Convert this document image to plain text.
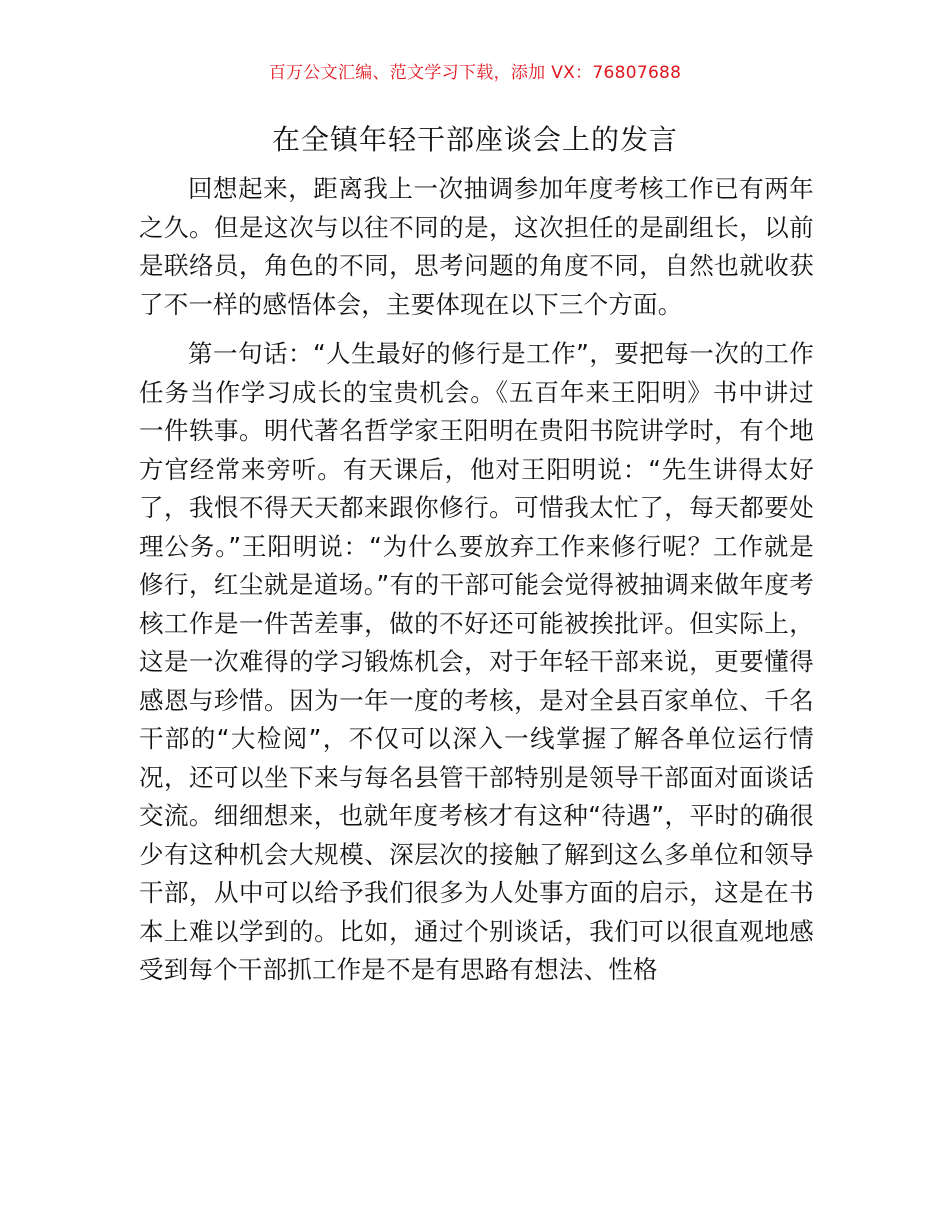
百万公文汇编、范文学习下载，添加 VX：76807688
在全镇年轻干部座谈会上的发言

回想起来，距离我上一次抽调参加年度考核工作已有两年之久。但是这次与以往不同的是，这次担任的是副组长，以前是联络员，角色的不同，思考问题的角度不同，自然也就收获了不一样的感悟体会，主要体现在以下三个方面。

第一句话：“人生最好的修行是工作”，要把每一次的工作任务当作学习成长的宝贵机会。《五百年来王阳明》书中讲过一件轶事。明代著名哲学家王阳明在贵阳书院讲学时，有个地方官经常来旁听。有天课后，他对王阳明说：“先生讲得太好了，我恨不得天天都来跟你修行。可惜我太忙了，每天都要处理公务。”王阳明说：“为什么要放弃工作来修行呢？工作就是修行，红尘就是道场。”有的干部可能会觉得被抽调来做年度考核工作是一件苦差事，做的不好还可能被挨批评。但实际上，这是一次难得的学习锻炼机会，对于年轻干部来说，更要懂得感恩与珍惜。因为一年一度的考核，是对全县百家单位、千名干部的“大检阅”，不仅可以深入一线掌握了解各单位运行情况，还可以坐下来与每名县管干部特别是领导干部面对面谈话交流。细细想来，也就年度考核才有这种“待遇”，平时的确很少有这种机会大规模、深层次的接触了解到这么多单位和领导干部，从中可以给予我们很多为人处事方面的启示，这是在书本上难以学到的。比如，通过个别谈话，我们可以很直观地感受到每个干部抓工作是不是有思路有想法、性格
